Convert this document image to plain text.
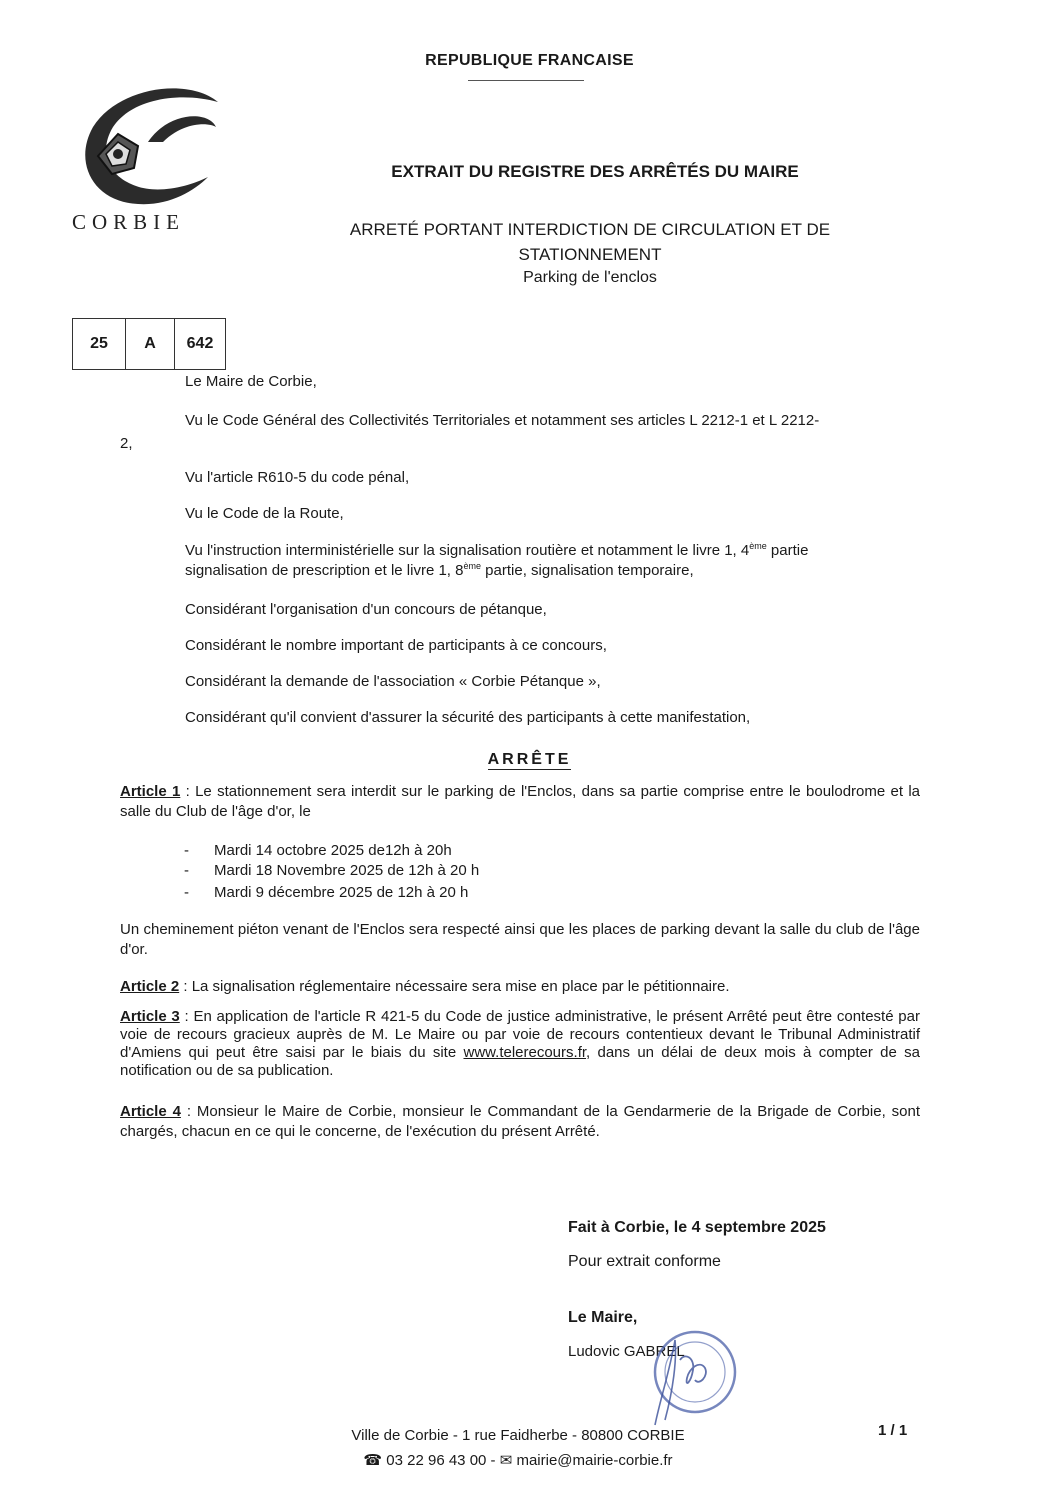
REPUBLIQUE FRANCAISE
CORBIE
EXTRAIT DU REGISTRE DES ARRÊTÉS DU MAIRE
ARRETÉ PORTANT INTERDICTION DE CIRCULATION ET DE
STATIONNEMENT
Parking de l'enclos
25	A	642
Le Maire de Corbie,
Vu le Code Général des Collectivités Territoriales et notamment ses articles L 2212-1 et L 2212-
2,
Vu l'article R610-5 du code pénal,
Vu le Code de la Route,
Vu l'instruction interministérielle sur la signalisation routière et notamment le livre 1, 4ème partie
signalisation de prescription et le livre 1, 8ème partie, signalisation temporaire,
Considérant l'organisation d'un concours de pétanque,
Considérant le nombre important de participants à ce concours,
Considérant la demande de l'association « Corbie Pétanque »,
Considérant qu'il convient d'assurer la sécurité des participants à cette manifestation,
ARRÊTE
Article 1 : Le stationnement sera interdit sur le parking de l'Enclos, dans sa partie comprise entre le boulodrome et la salle du Club de l'âge d'or, le
- Mardi 14 octobre 2025 de12h à 20h
- Mardi 18 Novembre 2025 de 12h à 20 h
- Mardi 9 décembre 2025 de 12h à 20 h
Un cheminement piéton venant de l'Enclos sera respecté ainsi que les places de parking devant la salle du club de l'âge d'or.
Article 2 : La signalisation réglementaire nécessaire sera mise en place par le pétitionnaire.
Article 3 : En application de l'article R 421-5 du Code de justice administrative, le présent Arrêté peut être contesté par voie de recours gracieux auprès de M. Le Maire ou par voie de recours contentieux devant le Tribunal Administratif d'Amiens qui peut être saisi par le biais du site www.telerecours.fr, dans un délai de deux mois à compter de sa notification ou de sa publication.
Article 4 : Monsieur le Maire de Corbie, monsieur le Commandant de la Gendarmerie de la Brigade de Corbie, sont chargés, chacun en ce qui le concerne, de l'exécution du présent Arrêté.
Fait à Corbie, le 4 septembre 2025
Pour extrait conforme
Le Maire,
Ludovic GABREL
Ville de Corbie - 1 rue Faidherbe - 80800 CORBIE
☎ 03 22 96 43 00 - ✉ mairie@mairie-corbie.fr
1 / 1
